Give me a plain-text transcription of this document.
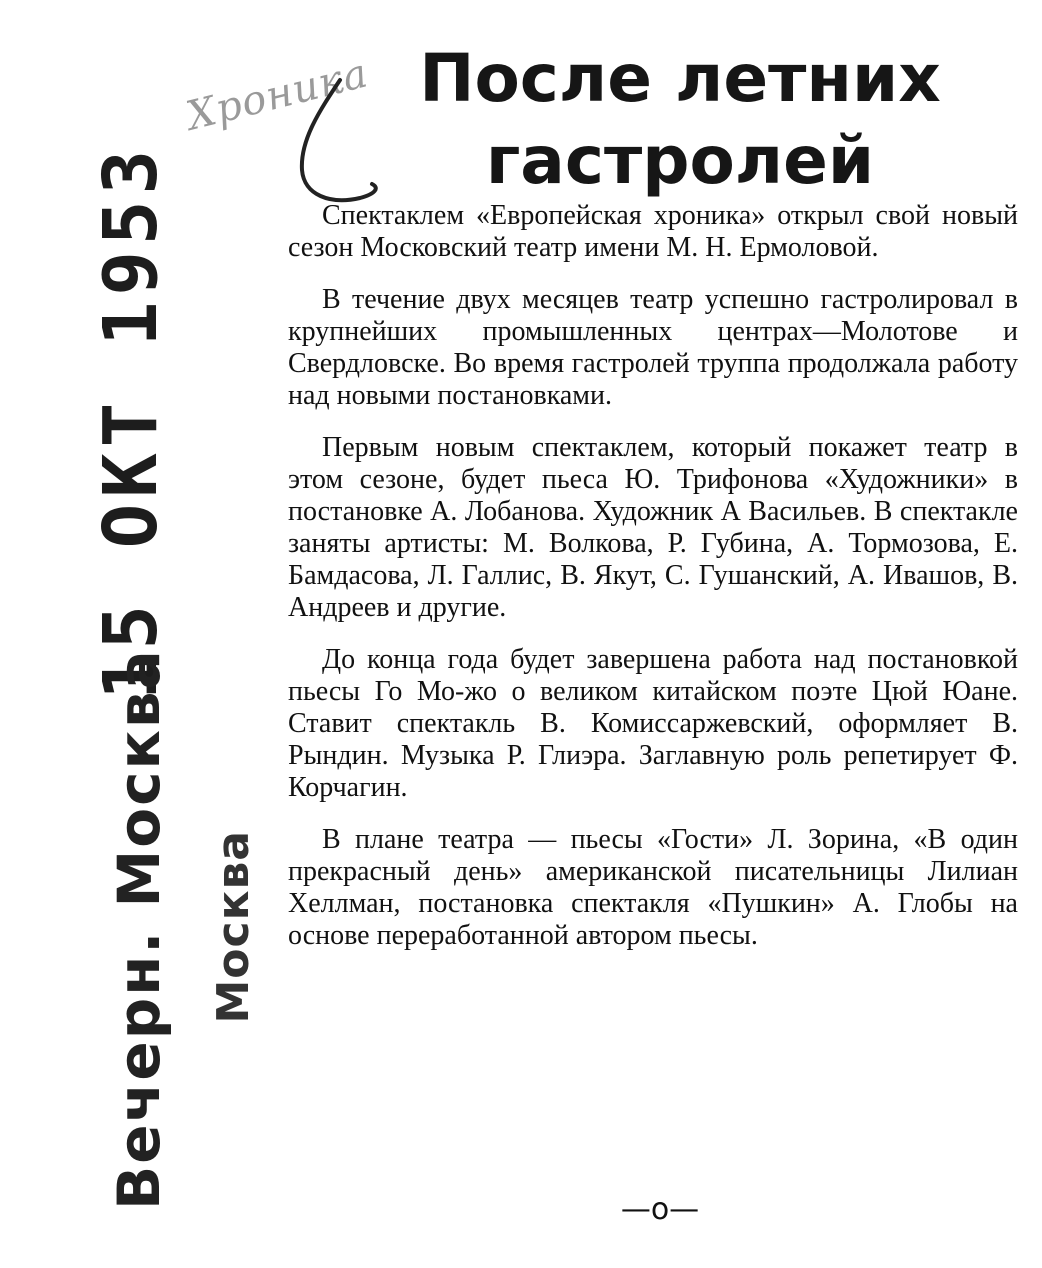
15 ОКТ 1953
Вечерн. Москва Москва
Хроника После летних гастролей

Спектаклем «Европейская хроника» открыл свой новый сезон Московский театр имени М. Н. Ермоловой.

В течение двух месяцев театр успешно гастролировал в крупнейших промышленных центрах—Молотове и Свердловске. Во время гастролей труппа продолжала работу над новыми постановками.

Первым новым спектаклем, который покажет театр в этом сезоне, будет пьеса Ю. Трифонова «Художники» в постановке А. Лобанова. Художник А Васильев. В спектакле заняты артисты: М. Волкова, Р. Губина, А. Тормозова, Е. Бамдасова, Л. Галлис, В. Якут, С. Гушанский, А. Ивашов, В. Андреев и другие.

До конца года будет завершена работа над постановкой пьесы Го Мо-жо о великом китайском поэте Цюй Юане. Ставит спектакль В. Комиссаржевский, оформляет В. Рындин. Музыка Р. Глиэра. Заглавную роль репетирует Ф. Корчагин.

В плане театра — пьесы «Гости» Л. Зорина, «В один прекрасный день» американской писательницы Лилиан Хеллман, постановка спектакля «Пушкин» А. Глобы на основе переработанной автором пьесы.

—о—
